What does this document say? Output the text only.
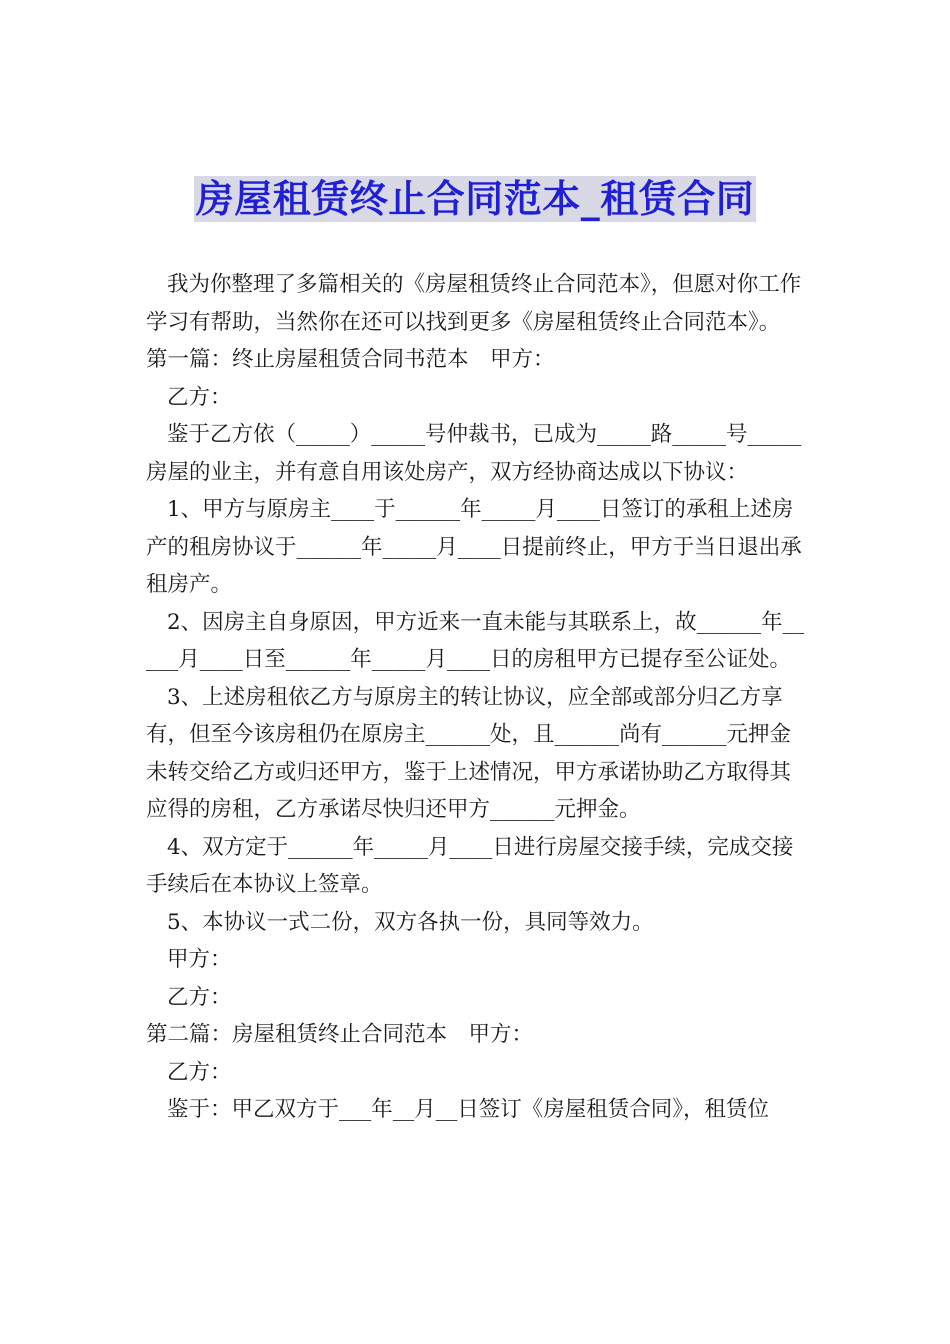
房屋租赁终止合同范本_租赁合同

我为你整理了多篇相关的《房屋租赁终止合同范本》，但愿对你工作学习有帮助，当然你在还可以找到更多《房屋租赁终止合同范本》。

第一篇：终止房屋租赁合同书范本　甲方：

乙方：

鉴于乙方依（_____）_____号仲裁书，已成为_____路_____号_____房屋的业主，并有意自用该处房产，双方经协商达成以下协议：

1、甲方与原房主____于______年_____月____日签订的承租上述房产的租房协议于______年_____月____日提前终止，甲方于当日退出承租房产。

2、因房主自身原因，甲方近来一直未能与其联系上，故______年_____月____日至______年_____月____日的房租甲方已提存至公证处。

3、上述房租依乙方与原房主的转让协议，应全部或部分归乙方享有，但至今该房租仍在原房主______处，且______尚有______元押金未转交给乙方或归还甲方，鉴于上述情况，甲方承诺协助乙方取得其应得的房租，乙方承诺尽快归还甲方______元押金。

4、双方定于______年_____月____日进行房屋交接手续，完成交接手续后在本协议上签章。

5、本协议一式二份，双方各执一份，具同等效力。

甲方：

乙方：

第二篇：房屋租赁终止合同范本　甲方：

乙方：

鉴于：甲乙双方于___年__月__日签订《房屋租赁合同》，租赁位
